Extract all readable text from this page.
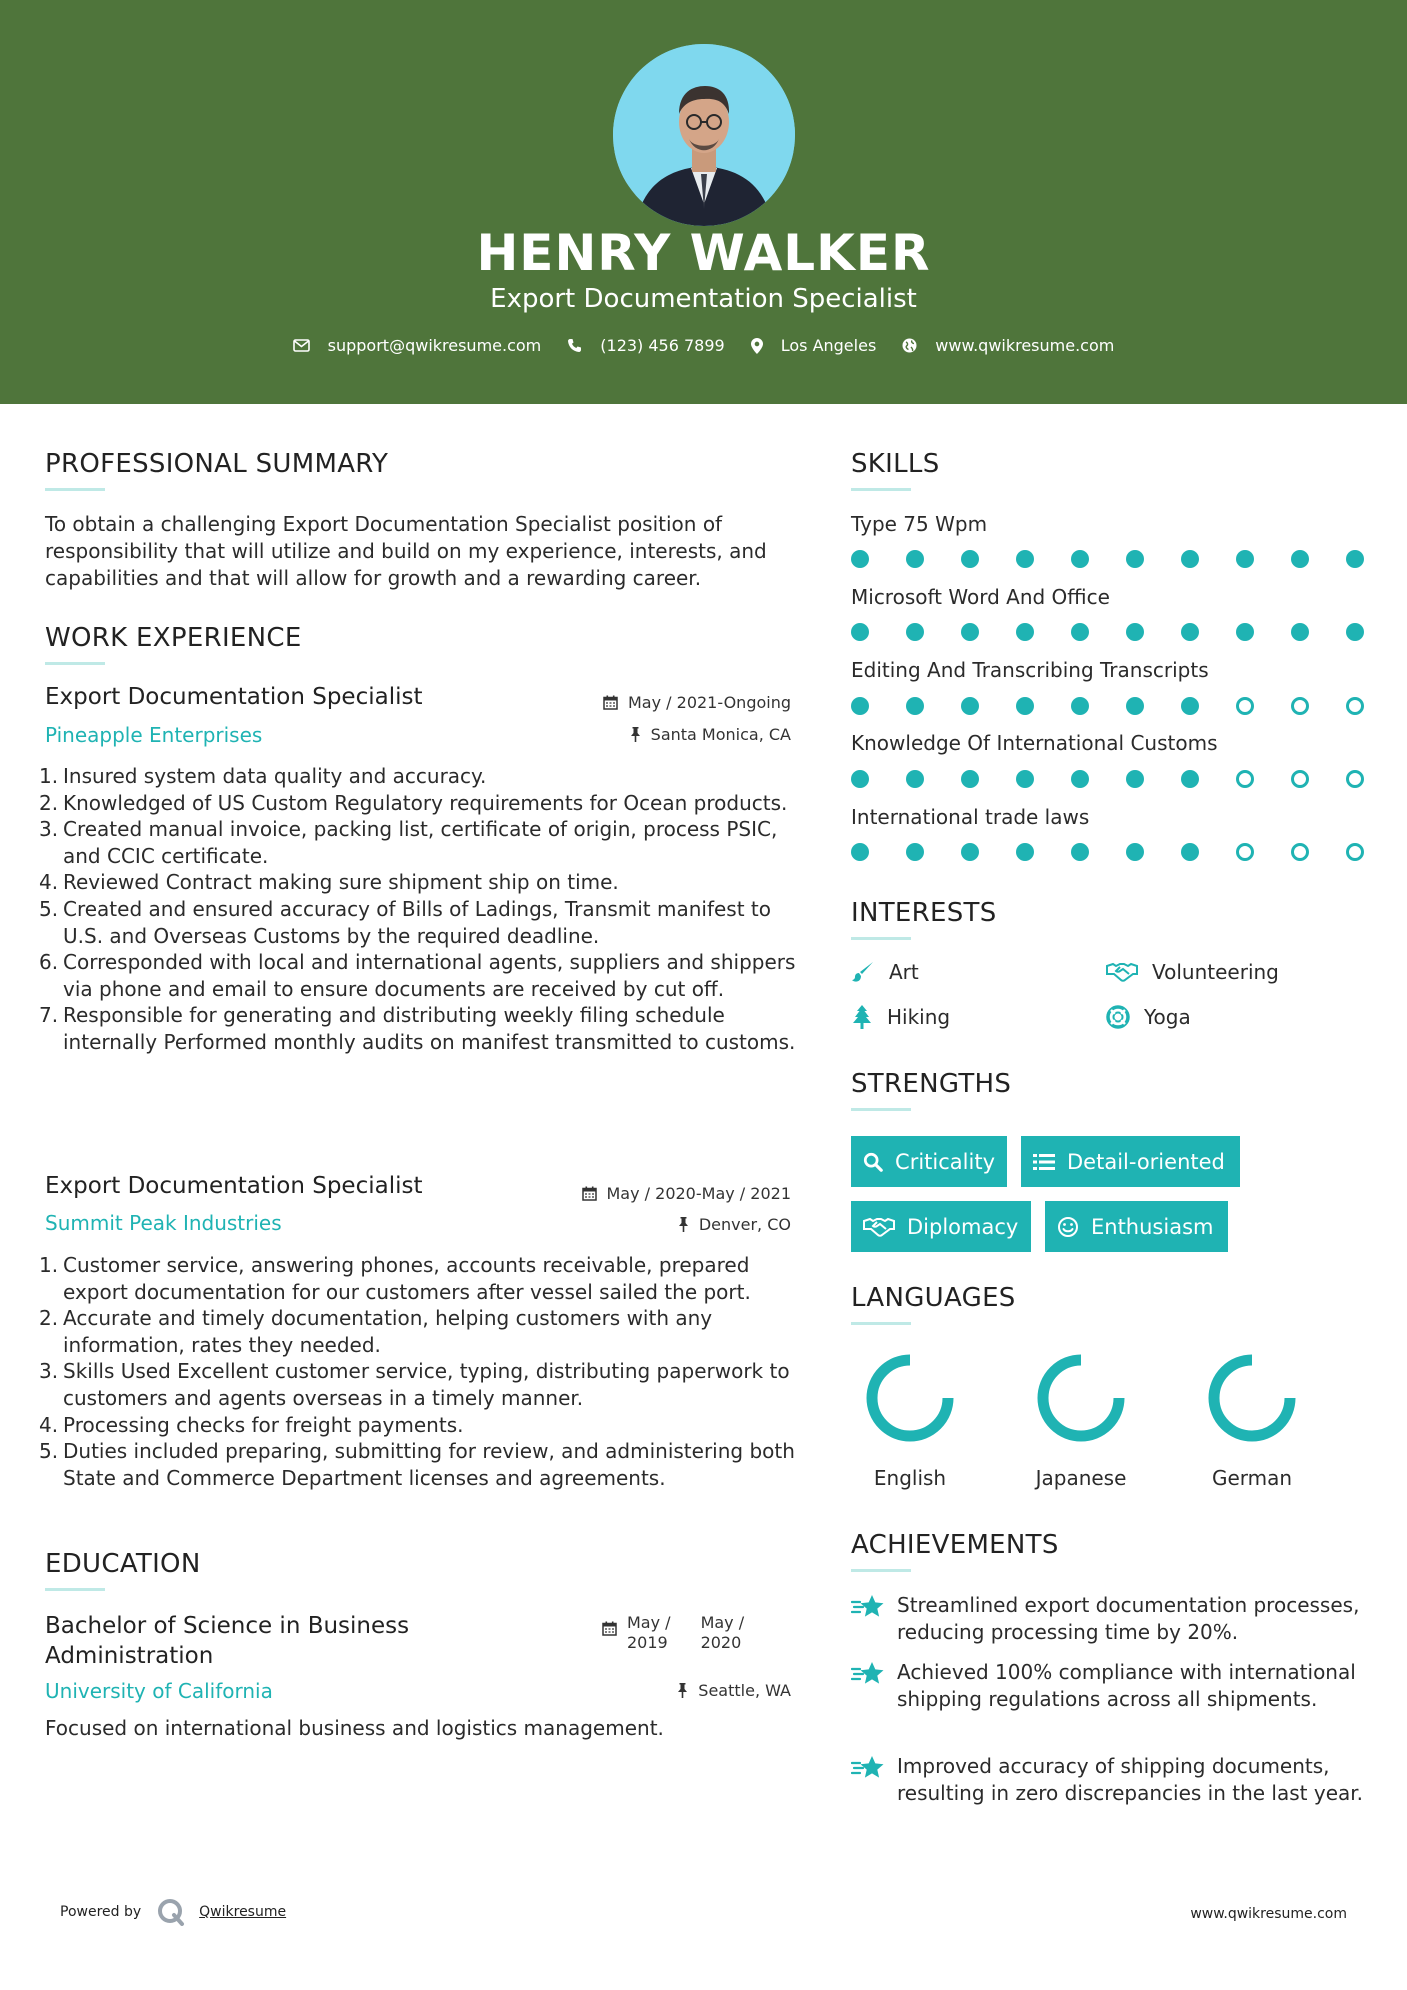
HENRY WALKER
Export Documentation Specialist
support@qwikresume.com	(123) 456 7899	Los Angeles	www.qwikresume.com
PROFESSIONAL SUMMARY
To obtain a challenging Export Documentation Specialist position of responsibility that will utilize and build on my experience, interests, and capabilities and that will allow for growth and a rewarding career.
WORK EXPERIENCE
Export Documentation Specialist
Pineapple Enterprises
May / 2021-Ongoing
Santa Monica, CA
1. Insured system data quality and accuracy.
2. Knowledged of US Custom Regulatory requirements for Ocean products.
3. Created manual invoice, packing list, certificate of origin, process PSIC, and CCIC certificate.
4. Reviewed Contract making sure shipment ship on time.
5. Created and ensured accuracy of Bills of Ladings, Transmit manifest to U.S. and Overseas Customs by the required deadline.
6. Corresponded with local and international agents, suppliers and shippers via phone and email to ensure documents are received by cut off.
7. Responsible for generating and distributing weekly filing schedule internally Performed monthly audits on manifest transmitted to customs.
Export Documentation Specialist
Summit Peak Industries
May / 2020-May / 2021
Denver, CO
1. Customer service, answering phones, accounts receivable, prepared export documentation for our customers after vessel sailed the port.
2. Accurate and timely documentation, helping customers with any information, rates they needed.
3. Skills Used Excellent customer service, typing, distributing paperwork to customers and agents overseas in a timely manner.
4. Processing checks for freight payments.
5. Duties included preparing, submitting for review, and administering both State and Commerce Department licenses and agreements.
EDUCATION
Bachelor of Science in Business
Administration
University of California
May /
2019
May /
2020
Seattle, WA
Focused on international business and logistics management.
SKILLS
Type 75 Wpm
Microsoft Word And Office
Editing And Transcribing Transcripts
Knowledge Of International Customs
International trade laws
INTERESTS
Art	Volunteering
Hiking	Yoga
STRENGTHS
Criticality	Detail-oriented
Diplomacy	Enthusiasm
LANGUAGES
English	Japanese	German
ACHIEVEMENTS
Streamlined export documentation processes, reducing processing time by 20%.
Achieved 100% compliance with international shipping regulations across all shipments.
Improved accuracy of shipping documents, resulting in zero discrepancies in the last year.
Powered by	Qwikresume	www.qwikresume.com
